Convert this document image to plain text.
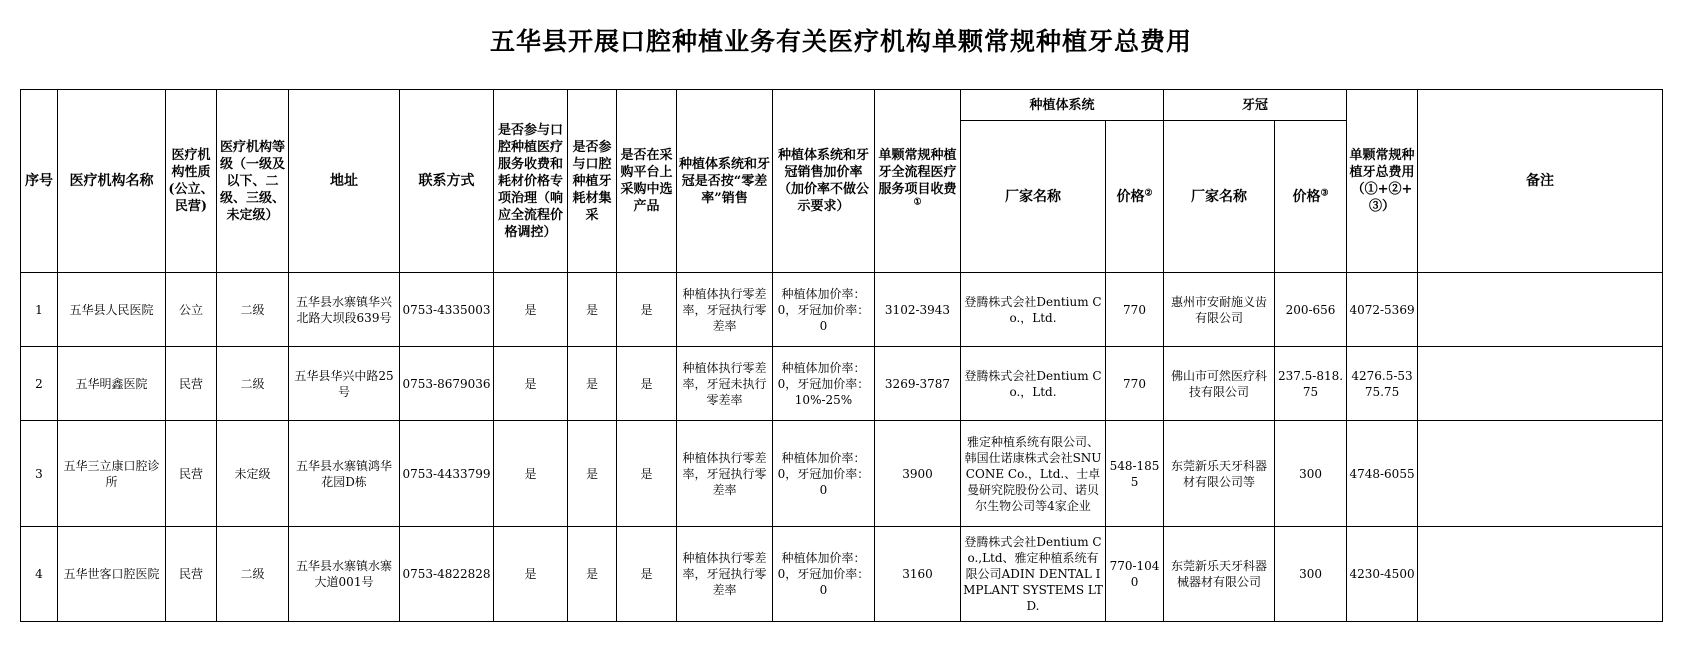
五华县开展口腔种植业务有关医疗机构单颗常规种植牙总费用
序号	医疗机构名称	医疗机构性质(公立、民营)	医疗机构等级（一级及以下、二级、三级、未定级）	地址	联系方式	是否参与口腔种植医疗服务收费和耗材价格专项治理（响应全流程价格调控）	是否参与口腔种植牙耗材集采	是否在采购平台上采购中选产品	种植体系统和牙冠是否按“零差率”销售	种植体系统和牙冠销售加价率（加价率不做公示要求）	单颗常规种植牙全流程医疗服务项目收费①	种植体系统		牙冠		单颗常规种植牙总费用（①+②+③）	备注
												厂家名称	价格②	厂家名称	价格③
1	五华县人民医院	公立	二级	五华县水寨镇华兴北路大坝段639号	0753-4335003	是	是	是	种植体执行零差率，牙冠执行零差率	种植体加价率：0，牙冠加价率：0	3102-3943	登腾株式会社Dentium Co.，Ltd.	770	惠州市安耐施义齿有限公司	200-656	4072-5369	
2	五华明鑫医院	民营	二级	五华县华兴中路25号	0753-8679036	是	是	是	种植体执行零差率，牙冠未执行零差率	种植体加价率：0，牙冠加价率：10%-25%	3269-3787	登腾株式会社Dentium Co.，Ltd.	770	佛山市可然医疗科技有限公司	237.5-818.75	4276.5-5375.75	
3	五华三立康口腔诊所	民营	未定级	五华县水寨镇鸿华花园D栋	0753-4433799	是	是	是	种植体执行零差率，牙冠执行零差率	种植体加价率：0，牙冠加价率：0	3900	雅定种植系统有限公司、韩国仕诺康株式会社SNUCONE Co.，Ltd.、士卓曼研究院股份公司、诺贝尔生物公司等4家企业	548-1855	东莞新乐天牙科器材有限公司等	300	4748-6055	
4	五华世客口腔医院	民营	二级	五华县水寨镇水寨大道001号	0753-4822828	是	是	是	种植体执行零差率，牙冠执行零差率	种植体加价率：0，牙冠加价率：0	3160	登腾株式会社Dentium Co.,Ltd、雅定种植系统有限公司ADIN DENTAL IMPLANT SYSTEMS LTD.	770-1040	东莞新乐天牙科器械器材有限公司	300	4230-4500	
